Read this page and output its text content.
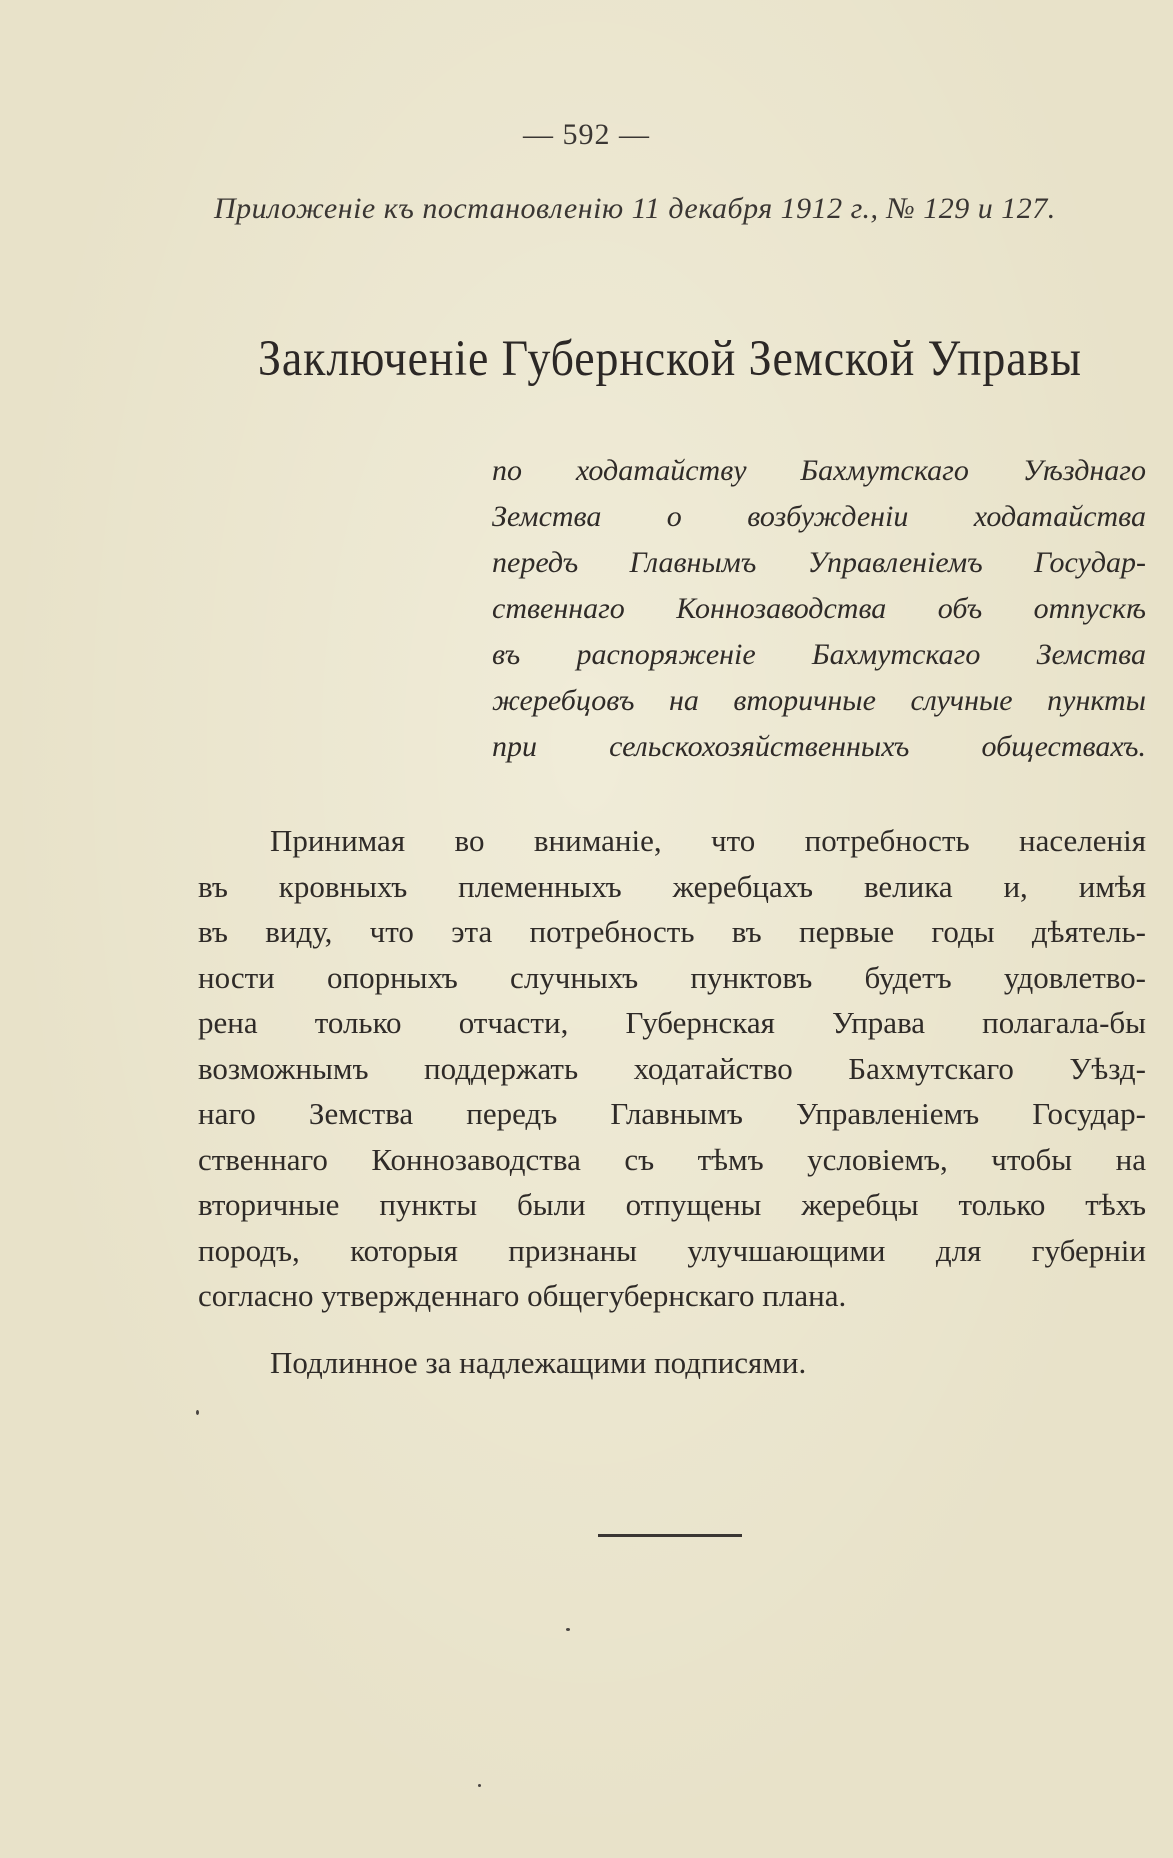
— 592 —
Приложеніе къ постановленію 11 декабря 1912 г., № 129 и 127.
Заключеніе Губернской Земской Управы
по ходатайству Бахмутскаго Уѣзднаго
Земства о возбужденіи ходатайства
передъ Главнымъ Управленіемъ Государ-
ственнаго Коннозаводства объ отпускѣ
въ распоряженіе Бахмутскаго Земства
жеребцовъ на вторичные случные пункты
при сельскохозяйственныхъ обществахъ.
Принимая во вниманіе, что потребность населенія
въ кровныхъ племенныхъ жеребцахъ велика и, имѣя
въ виду, что эта потребность въ первые годы дѣятель-
ности опорныхъ случныхъ пунктовъ будетъ удовлетво-
рена только отчасти, Губернская Управа полагала-бы
возможнымъ поддержать ходатайство Бахмутскаго Уѣзд-
наго Земства передъ Главнымъ Управленіемъ Государ-
ственнаго Коннозаводства съ тѣмъ условіемъ, чтобы на
вторичные пункты были отпущены жеребцы только тѣхъ
породъ, которыя признаны улучшающими для губерніи
согласно утвержденнаго общегубернскаго плана.
Подлинное за надлежащими подписями.
